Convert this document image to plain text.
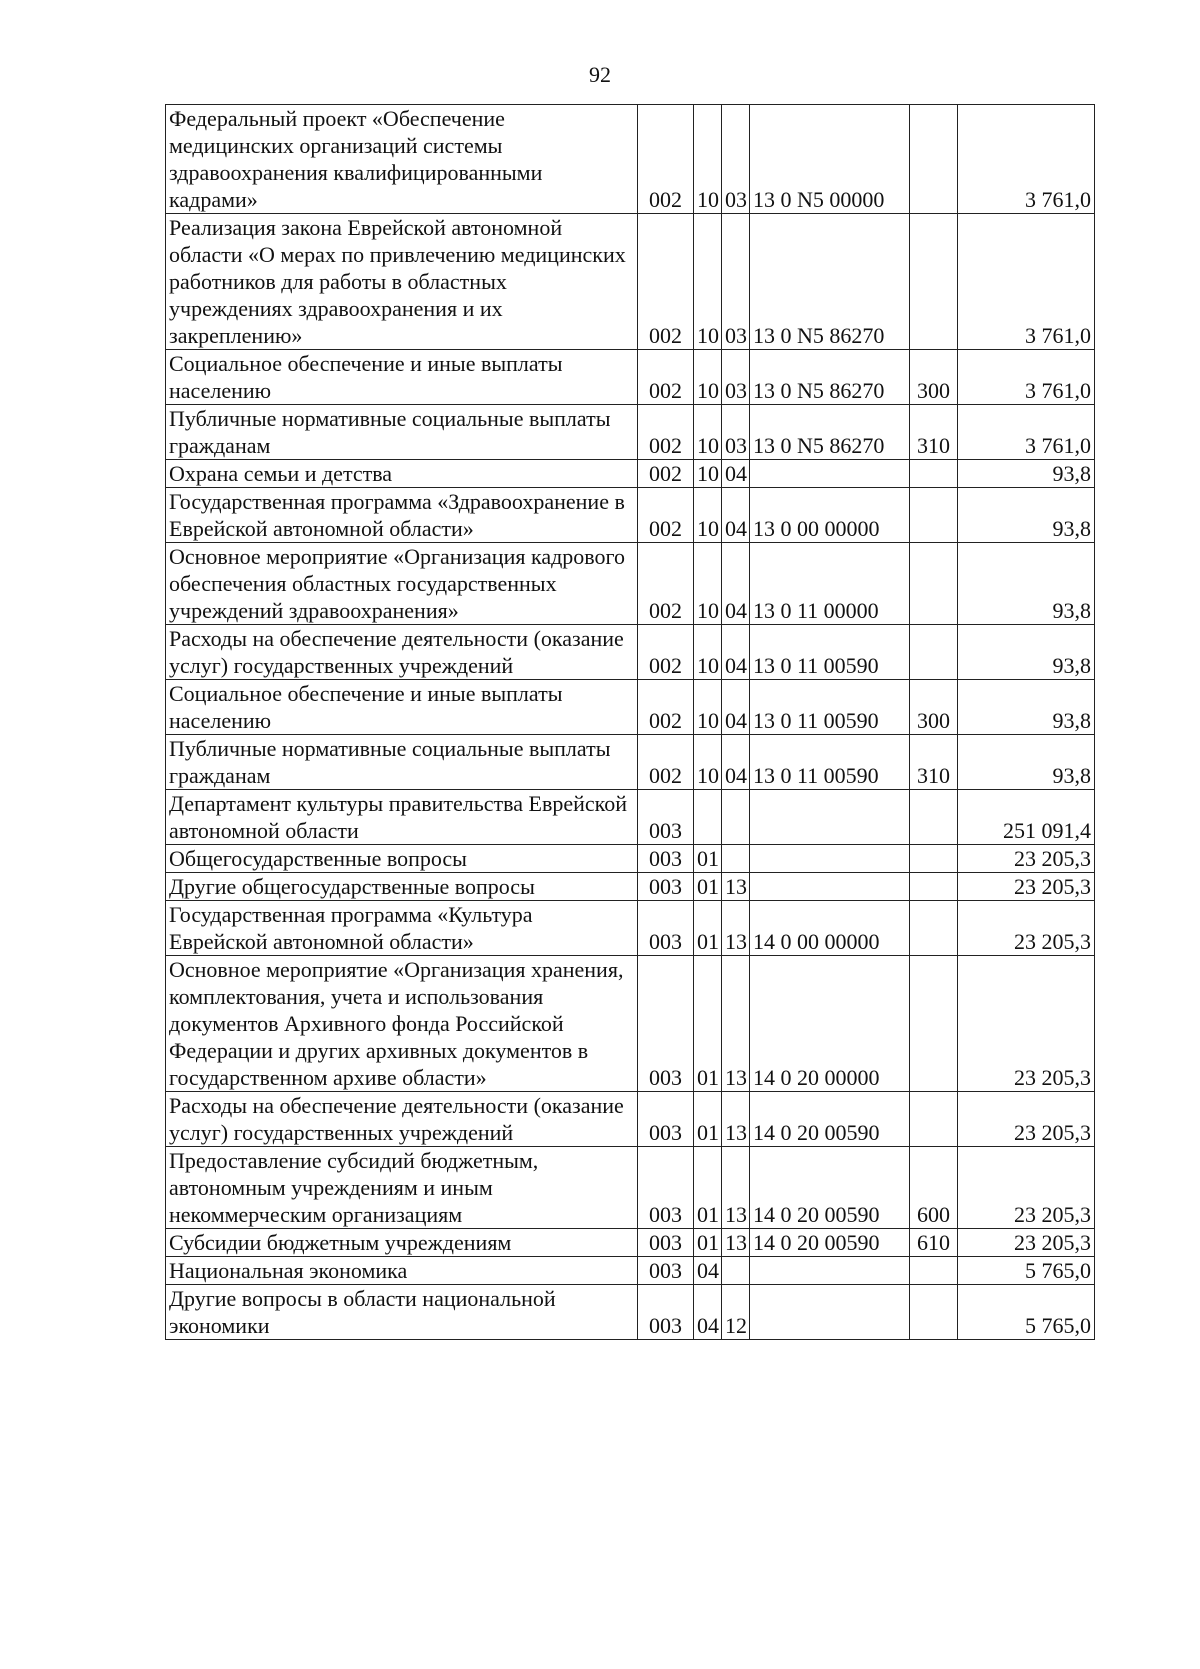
92
Федеральный проект «Обеспечение медицинских организаций системы здравоохранения квалифицированными кадрами»	002	10	03	13 0 N5 00000		3 761,0
Реализация закона Еврейской автономной области «О мерах по привлечению медицинских работников для работы в областных учреждениях здравоохранения и их закреплению»	002	10	03	13 0 N5 86270		3 761,0
Социальное обеспечение и иные выплаты населению	002	10	03	13 0 N5 86270	300	3 761,0
Публичные нормативные социальные выплаты гражданам	002	10	03	13 0 N5 86270	310	3 761,0
Охрана семьи и детства	002	10	04			93,8
Государственная программа «Здравоохранение в Еврейской автономной области»	002	10	04	13 0 00 00000		93,8
Основное мероприятие «Организация кадрового обеспечения областных государственных учреждений здравоохранения»	002	10	04	13 0 11 00000		93,8
Расходы на обеспечение деятельности (оказание услуг) государственных учреждений	002	10	04	13 0 11 00590		93,8
Социальное обеспечение и иные выплаты населению	002	10	04	13 0 11 00590	300	93,8
Публичные нормативные социальные выплаты гражданам	002	10	04	13 0 11 00590	310	93,8
Департамент культуры правительства Еврейской автономной области	003					251 091,4
Общегосударственные вопросы	003	01				23 205,3
Другие общегосударственные вопросы	003	01	13			23 205,3
Государственная программа «Культура Еврейской автономной области»	003	01	13	14 0 00 00000		23 205,3
Основное мероприятие «Организация хранения, комплектования, учета и использования документов Архивного фонда Российской Федерации и других архивных документов в государственном архиве области»	003	01	13	14 0 20 00000		23 205,3
Расходы на обеспечение деятельности (оказание услуг) государственных учреждений	003	01	13	14 0 20 00590		23 205,3
Предоставление субсидий бюджетным, автономным учреждениям и иным некоммерческим организациям	003	01	13	14 0 20 00590	600	23 205,3
Субсидии бюджетным учреждениям	003	01	13	14 0 20 00590	610	23 205,3
Национальная экономика	003	04				5 765,0
Другие вопросы в области национальной экономики	003	04	12			5 765,0
